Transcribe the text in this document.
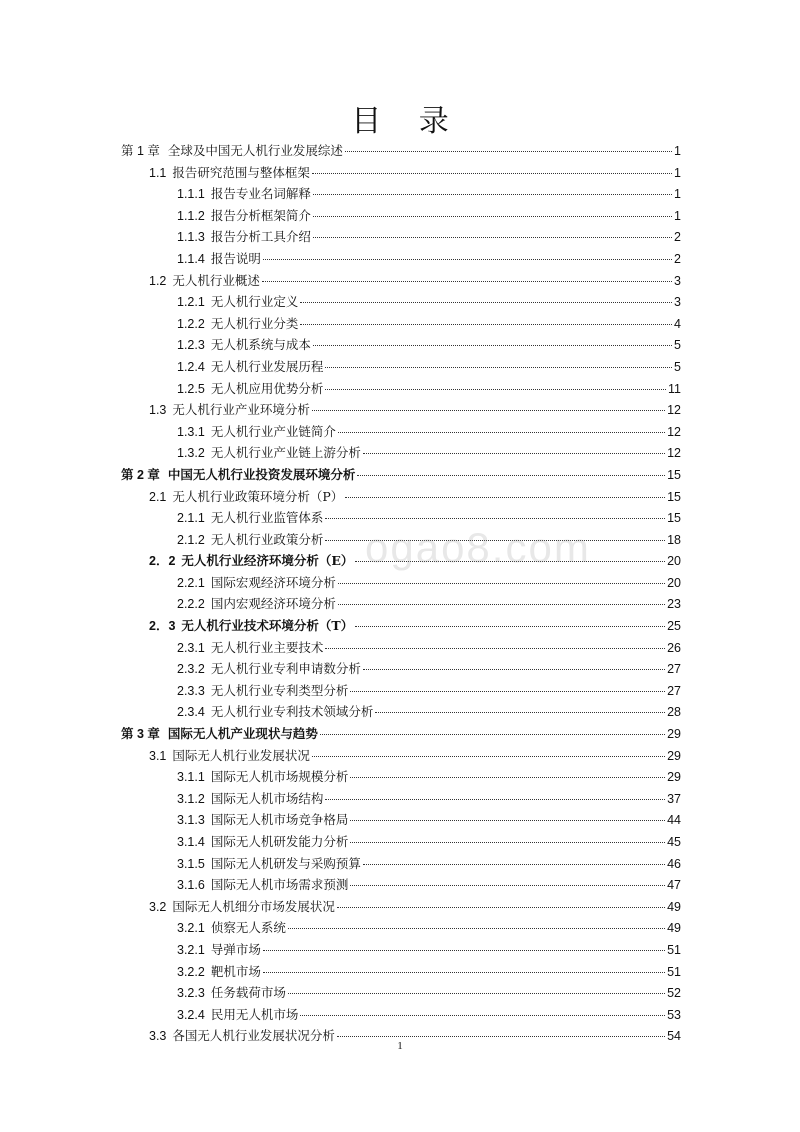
目 录
第 1 章 全球及中国无人机行业发展综述	1
1.1 报告研究范围与整体框架	1
1.1.1 报告专业名词解释	1
1.1.2 报告分析框架简介	1
1.1.3 报告分析工具介绍	2
1.1.4 报告说明	2
1.2 无人机行业概述	3
1.2.1 无人机行业定义	3
1.2.2 无人机行业分类	4
1.2.3 无人机系统与成本	5
1.2.4 无人机行业发展历程	5
1.2.5 无人机应用优势分析	11
1.3 无人机行业产业环境分析	12
1.3.1 无人机行业产业链简介	12
1.3.2 无人机行业产业链上游分析	12
第 2 章 中国无人机行业投资发展环境分析	15
2.1 无人机行业政策环境分析（P）	15
2.1.1 无人机行业监管体系	15
2.1.2 无人机行业政策分析	18
2．2 无人机行业经济环境分析（E）	20
2.2.1 国际宏观经济环境分析	20
2.2.2 国内宏观经济环境分析	23
2．3 无人机行业技术环境分析（T）	25
2.3.1 无人机行业主要技术	26
2.3.2 无人机行业专利申请数分析	27
2.3.3 无人机行业专利类型分析	27
2.3.4 无人机行业专利技术领域分析	28
第 3 章 国际无人机产业现状与趋势	29
3.1 国际无人机行业发展状况	29
3.1.1 国际无人机市场规模分析	29
3.1.2 国际无人机市场结构	37
3.1.3 国际无人机市场竞争格局	44
3.1.4 国际无人机研发能力分析	45
3.1.5 国际无人机研发与采购预算	46
3.1.6 国际无人机市场需求预测	47
3.2 国际无人机细分市场发展状况	49
3.2.1 侦察无人系统	49
3.2.1 导弹市场	51
3.2.2 靶机市场	51
3.2.3 任务载荷市场	52
3.2.4 民用无人机市场	53
3.3 各国无人机行业发展状况分析	54
ogao8.com
1
